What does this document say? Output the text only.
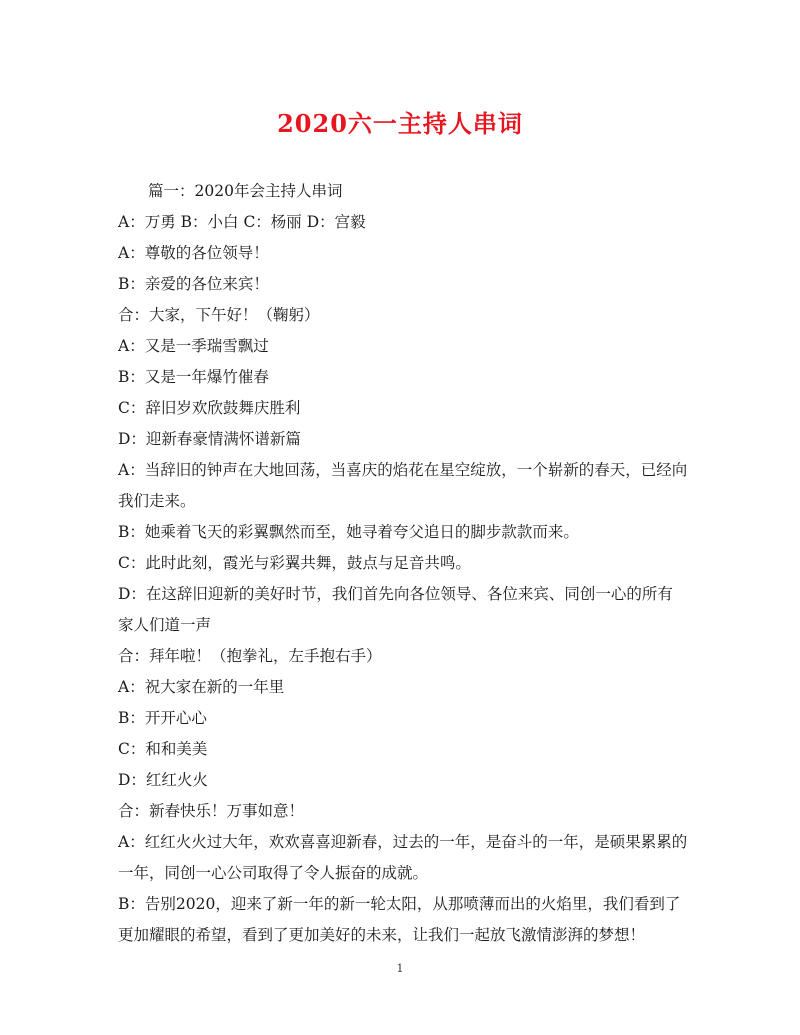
2020六一主持人串词

篇一：2020年会主持人串词

A：万勇 B：小白 C：杨丽 D：宫毅

A：尊敬的各位领导！

B：亲爱的各位来宾！

合：大家，下午好！（鞠躬）

A：又是一季瑞雪飘过

B：又是一年爆竹催春

C：辞旧岁欢欣鼓舞庆胜利

D：迎新春豪情满怀谱新篇

A：当辞旧的钟声在大地回荡，当喜庆的焰花在星空绽放，一个崭新的春天，已经向我们走来。

B：她乘着飞天的彩翼飘然而至，她寻着夸父追日的脚步款款而来。

C：此时此刻，霞光与彩翼共舞，鼓点与足音共鸣。

D：在这辞旧迎新的美好时节，我们首先向各位领导、各位来宾、同创一心的所有家人们道一声

合：拜年啦！（抱拳礼，左手抱右手）

A：祝大家在新的一年里

B：开开心心

C：和和美美

D：红红火火

合：新春快乐！万事如意！

A：红红火火过大年，欢欢喜喜迎新春，过去的一年，是奋斗的一年，是硕果累累的一年，同创一心公司取得了令人振奋的成就。

B：告别2020，迎来了新一年的新一轮太阳，从那喷薄而出的火焰里，我们看到了更加耀眼的希望，看到了更加美好的未来，让我们一起放飞激情澎湃的梦想！

1
